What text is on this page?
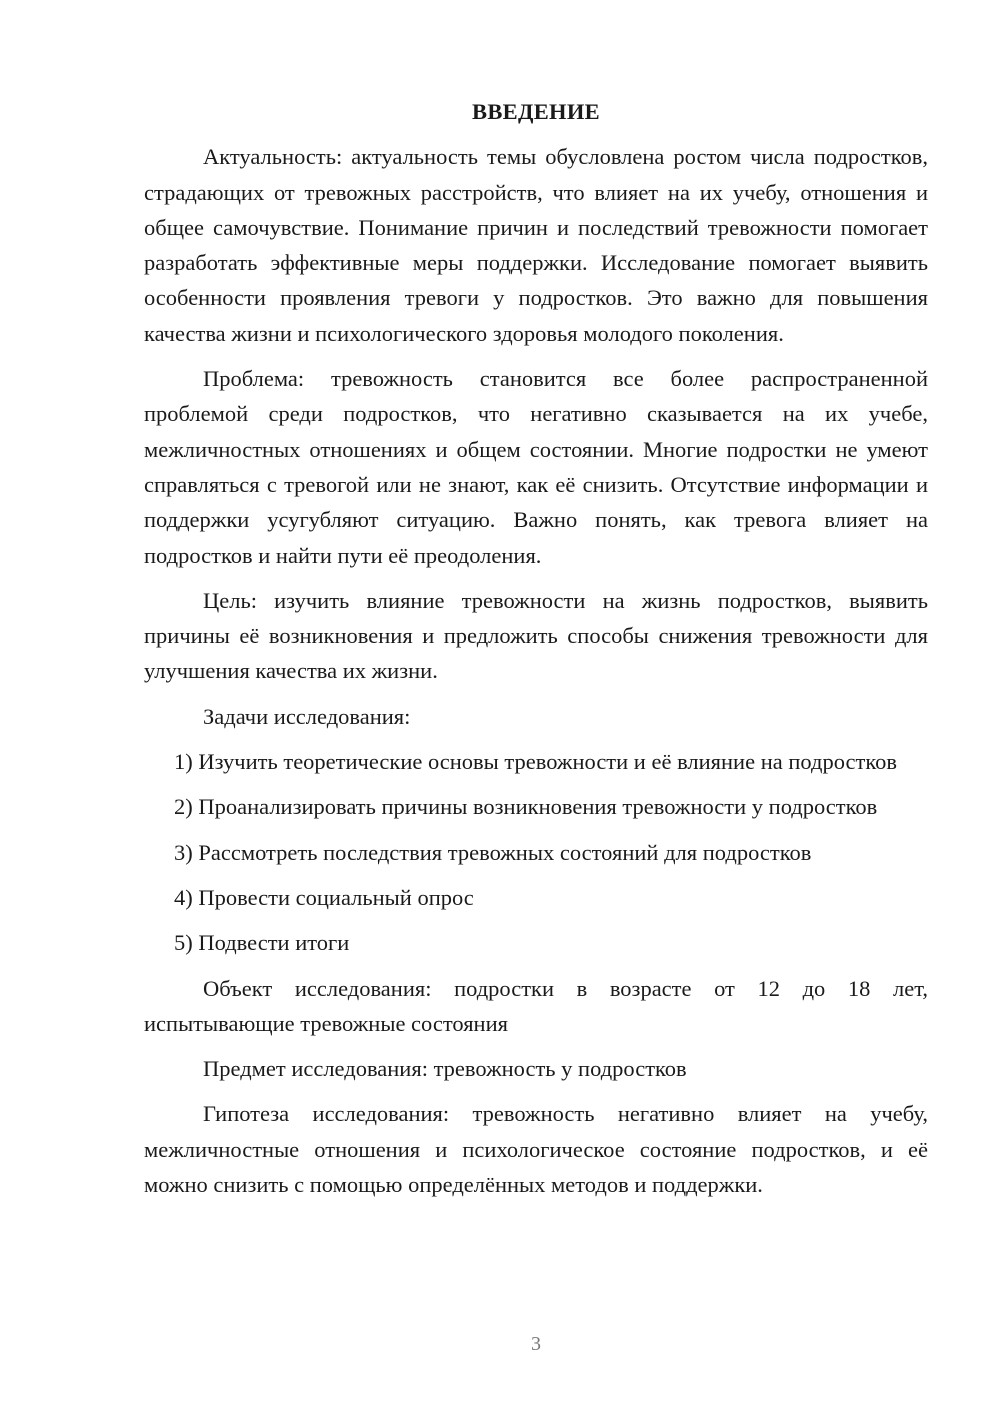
ВВЕДЕНИЕ

Актуальность: актуальность темы обусловлена ростом числа подростков, страдающих от тревожных расстройств, что влияет на их учебу, отношения и общее самочувствие. Понимание причин и последствий тревожности помогает разработать эффективные меры поддержки. Исследование помогает выявить особенности проявления тревоги у подростков. Это важно для повышения качества жизни и психологического здоровья молодого поколения.

Проблема: тревожность становится все более распространенной проблемой среди подростков, что негативно сказывается на их учебе, межличностных отношениях и общем состоянии. Многие подростки не умеют справляться с тревогой или не знают, как её снизить. Отсутствие информации и поддержки усугубляют ситуацию. Важно понять, как тревога влияет на подростков и найти пути её преодоления.

Цель: изучить влияние тревожности на жизнь подростков, выявить причины её возникновения и предложить способы снижения тревожности для улучшения качества их жизни.

Задачи исследования:

1) Изучить теоретические основы тревожности и её влияние на подростков

2) Проанализировать причины возникновения тревожности у подростков

3) Рассмотреть последствия тревожных состояний для подростков

4) Провести социальный опрос

5) Подвести итоги

Объект исследования: подростки в возрасте от 12 до 18 лет, испытывающие тревожные состояния

Предмет исследования: тревожность у подростков

Гипотеза исследования: тревожность негативно влияет на учебу, межличностные отношения и психологическое состояние подростков, и её можно снизить с помощью определённых методов и поддержки.

3
